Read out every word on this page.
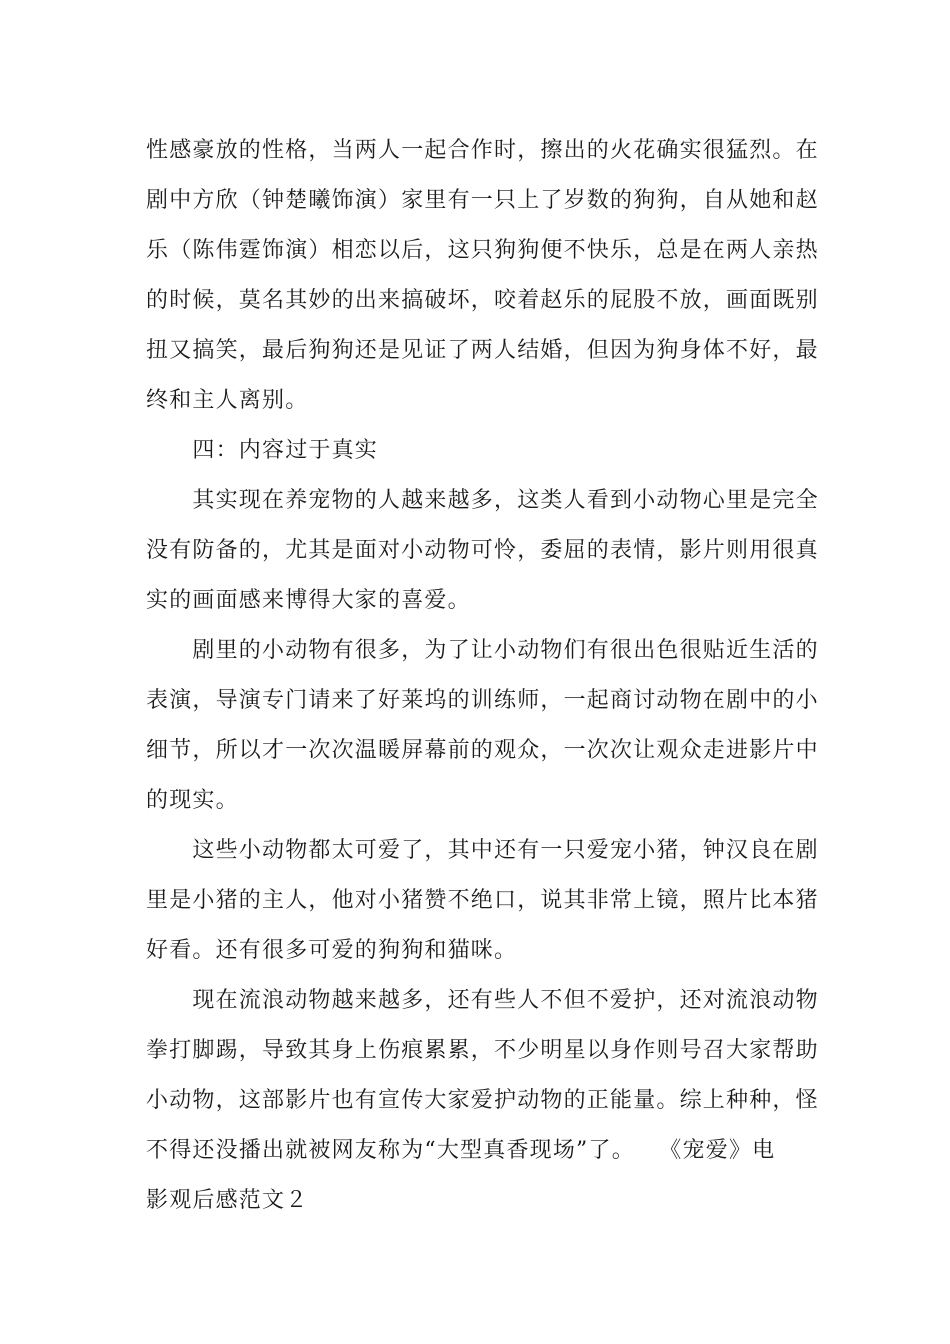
性感豪放的性格，当两人一起合作时，擦出的火花确实很猛烈。在
剧中方欣（钟楚曦饰演）家里有一只上了岁数的狗狗，自从她和赵
乐（陈伟霆饰演）相恋以后，这只狗狗便不快乐，总是在两人亲热
的时候，莫名其妙的出来搞破坏，咬着赵乐的屁股不放，画面既别
扭又搞笑，最后狗狗还是见证了两人结婚，但因为狗身体不好，最
终和主人离别。
　　四：内容过于真实
　　其实现在养宠物的人越来越多，这类人看到小动物心里是完全
没有防备的，尤其是面对小动物可怜，委屈的表情，影片则用很真
实的画面感来博得大家的喜爱。
　　剧里的小动物有很多，为了让小动物们有很出色很贴近生活的
表演，导演专门请来了好莱坞的训练师，一起商讨动物在剧中的小
细节，所以才一次次温暖屏幕前的观众，一次次让观众走进影片中
的现实。
　　这些小动物都太可爱了，其中还有一只爱宠小猪，钟汉良在剧
里是小猪的主人，他对小猪赞不绝口，说其非常上镜，照片比本猪
好看。还有很多可爱的狗狗和猫咪。
　　现在流浪动物越来越多，还有些人不但不爱护，还对流浪动物
拳打脚踢，导致其身上伤痕累累，不少明星以身作则号召大家帮助
小动物，这部影片也有宣传大家爱护动物的正能量。综上种种，怪
不得还没播出就被网友称为“大型真香现场”了。　　《宠爱》电
影观后感范文２
